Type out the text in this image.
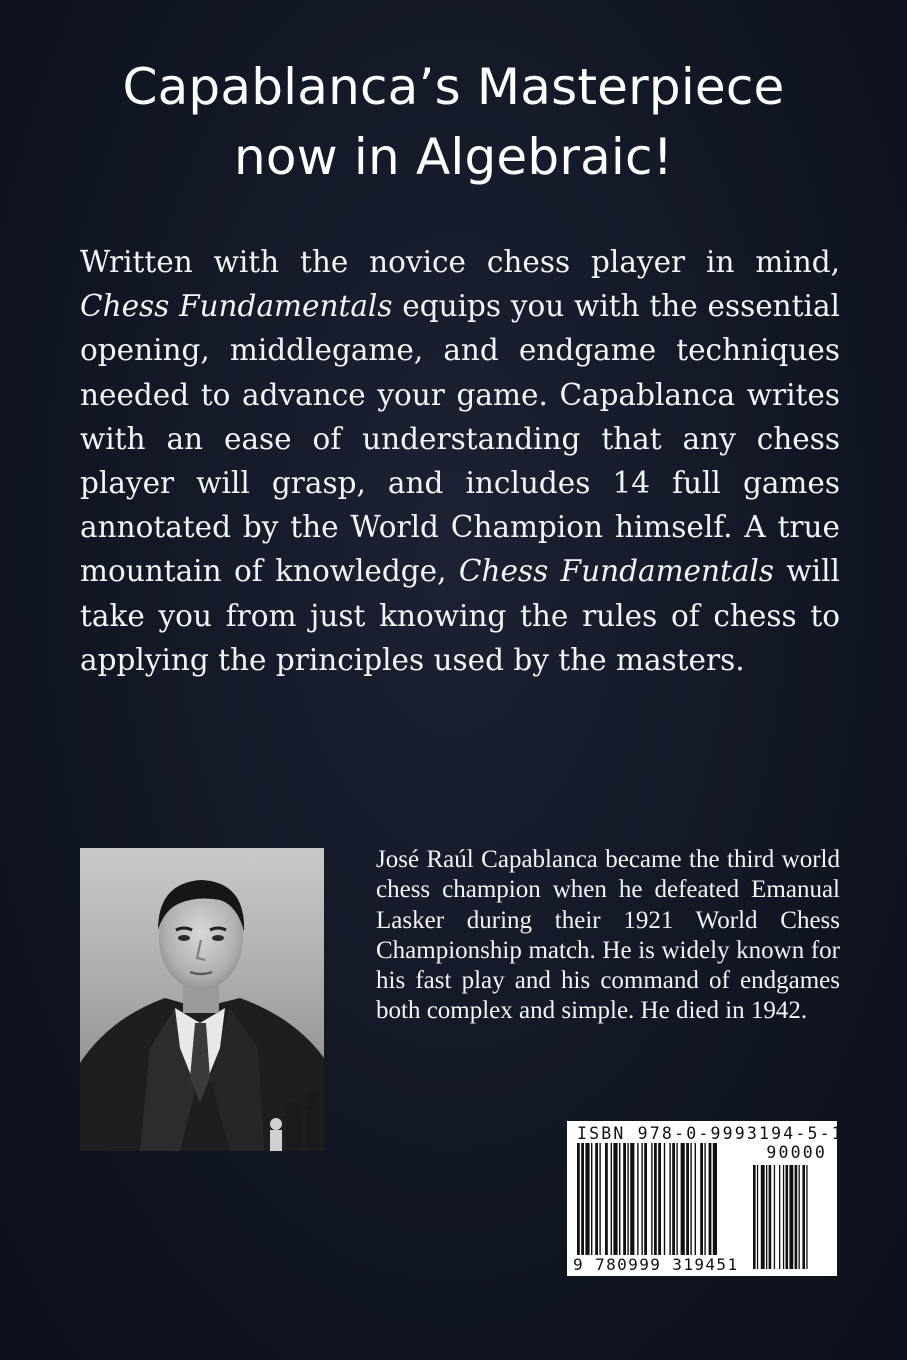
Capablanca’s Masterpiece
now in Algebraic!

Written with the novice chess player in mind, Chess Fundamentals equips you with the essential opening, middlegame, and endgame techniques needed to advance your game. Capablanca writes with an ease of understanding that any chess player will grasp, and includes 14 full games annotated by the World Champion himself. A true mountain of knowledge, Chess Fundamentals will take you from just knowing the rules of chess to applying the principles used by the masters.

José Raúl Capablanca became the third world chess champion when he defeated Emanual Lasker during their 1921 World Chess Championship match. He is widely known for his fast play and his command of endgames both complex and simple. He died in 1942.

ISBN 978-0-9993194-5-1
90000
9 780999 319451
